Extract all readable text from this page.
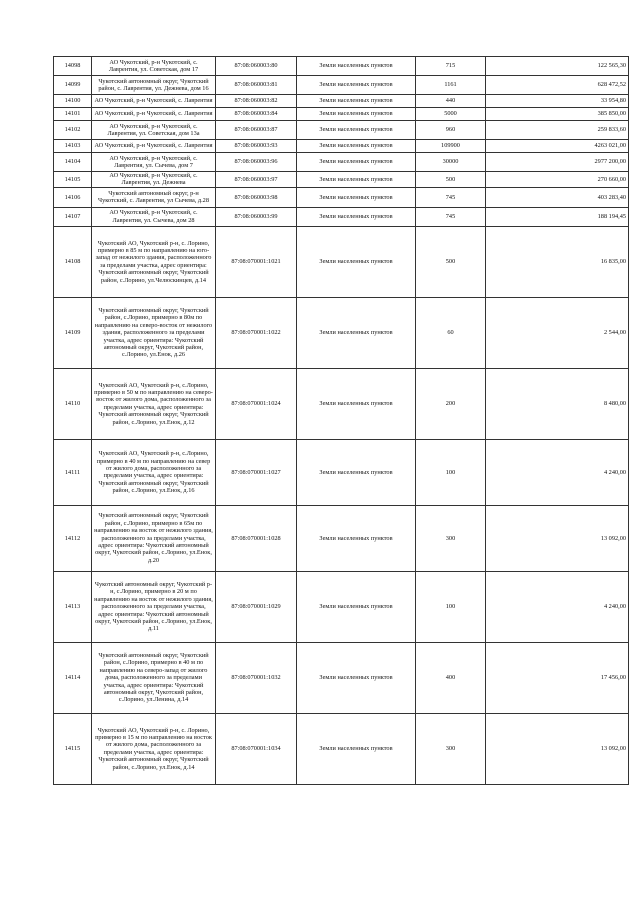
14098	АО Чукотский, р-н Чукотский, с. Лаврентия, ул. Советская, дом 17	87:08:060003:80	Земли населенных пунктов	715	122 565,30
14099	Чукотский автономный округ, Чукотский район, с. Лаврентия, ул. Дежнева, дом 16	87:08:060003:81	Земли населенных пунктов	1161	628 472,52
14100	АО Чукотский, р-н Чукотский, с. Лаврентия	87:08:060003:82	Земли населенных пунктов	440	33 954,80
14101	АО Чукотский, р-н Чукотский, с. Лаврентия	87:08:060003:84	Земли населенных пунктов	5000	385 850,00
14102	АО Чукотский, р-н Чукотский, с. Лаврентия, ул. Советская, дом 13а	87:08:060003:87	Земли населенных пунктов	960	259 833,60
14103	АО Чукотский, р-н Чукотский, с. Лаврентия	87:08:060003:93	Земли населенных пунктов	109900	4263 021,00
14104	АО Чукотский, р-н Чукотский, с. Лаврентия, ул. Сычева, дом 7	87:08:060003:96	Земли населенных пунктов	30000	2977 200,00
14105	АО Чукотский, р-н Чукотский, с. Лаврентия, ул. Дежнева	87:08:060003:97	Земли населенных пунктов	500	270 660,00
14106	Чукотский автономный округ, р-н Чукотский, с. Лаврентия, ул Сычева, д.28	87:08:060003:98	Земли населенных пунктов	745	403 283,40
14107	АО Чукотский, р-н Чукотский, с. Лаврентия, ул. Сычева, дом 28	87:08:060003:99	Земли населенных пунктов	745	188 194,45
14108	Чукотский АО, Чукотский р-н, с. Лорино, примерно в 85 м по направлению на юго-запад от нежилого здания, расположенного за пределами участка, адрес ориентира: Чукотский автономный округ, Чукотский район, с.Лорино, ул.Челюскинцев, д.14	87:08:070001:1021	Земли населенных пунктов	500	16 835,00
14109	Чукотский автономный округ, Чукотский район, с.Лорино, примерно в 80м по направлению на северо-восток от нежилого здания, расположенного за пределами участка, адрес ориентира: Чукотский автономный округ, Чукотский район, с.Лорино, ул.Енок, д.26	87:08:070001:1022	Земли населенных пунктов	60	2 544,00
14110	Чукотский АО, Чукотский р-н, с.Лорино, примерно в 50 м по направлению на северо-восток от жилого дома, расположенного за пределами участка, адрес ориентира: Чукотский автономный округ, Чукотский район, с.Лорино, ул.Енок, д.12	87:08:070001:1024	Земли населенных пунктов	200	8 480,00
14111	Чукотский АО, Чукотский р-н, с.Лорино, примерно в 40 м по направлению на север от жилого дома, расположенного за пределами участка, адрес ориентира: Чукотский автономный округ, Чукотский район, с.Лорино, ул.Енок, д.16	87:08:070001:1027	Земли населенных пунктов	100	4 240,00
14112	Чукотский автономный округ, Чукотский район, с.Лорино, примерно в 65м по направлению на восток от нежилого здания, расположенного за пределами участка, адрес ориентира: Чукотский автономный округ, Чукотский район, с.Лорино, ул.Енок, д.20	87:08:070001:1028	Земли населенных пунктов	300	13 092,00
14113	Чукотский автономный округ, Чукотский р-н, с.Лорино, примерно в 20 м по направлению на восток от нежилого здания, расположенного за пределами участка, адрес ориентира: Чукотский автономный округ, Чукотский район, с.Лорино, ул.Енок, д.11	87:08:070001:1029	Земли населенных пунктов	100	4 240,00
14114	Чукотский автономный округ, Чукотский район, с.Лорино, примерно в 40 м по направлению на северо-запад от жилого дома, расположенного за пределами участка, адрес ориентира: Чукотский автономный округ, Чукотский район, с.Лорино, ул.Ленина, д.14	87:08:070001:1032	Земли населенных пунктов	400	17 456,00
14115	Чукотский АО, Чукотский р-н, с. Лорино, примерно в 15 м по направлению на восток от жилого дома, расположенного за пределами участка, адрес ориентира: Чукотский автономный округ, Чукотский район, с.Лорино, ул.Енок, д.14	87:08:070001:1034	Земли населенных пунктов	300	13 092,00
